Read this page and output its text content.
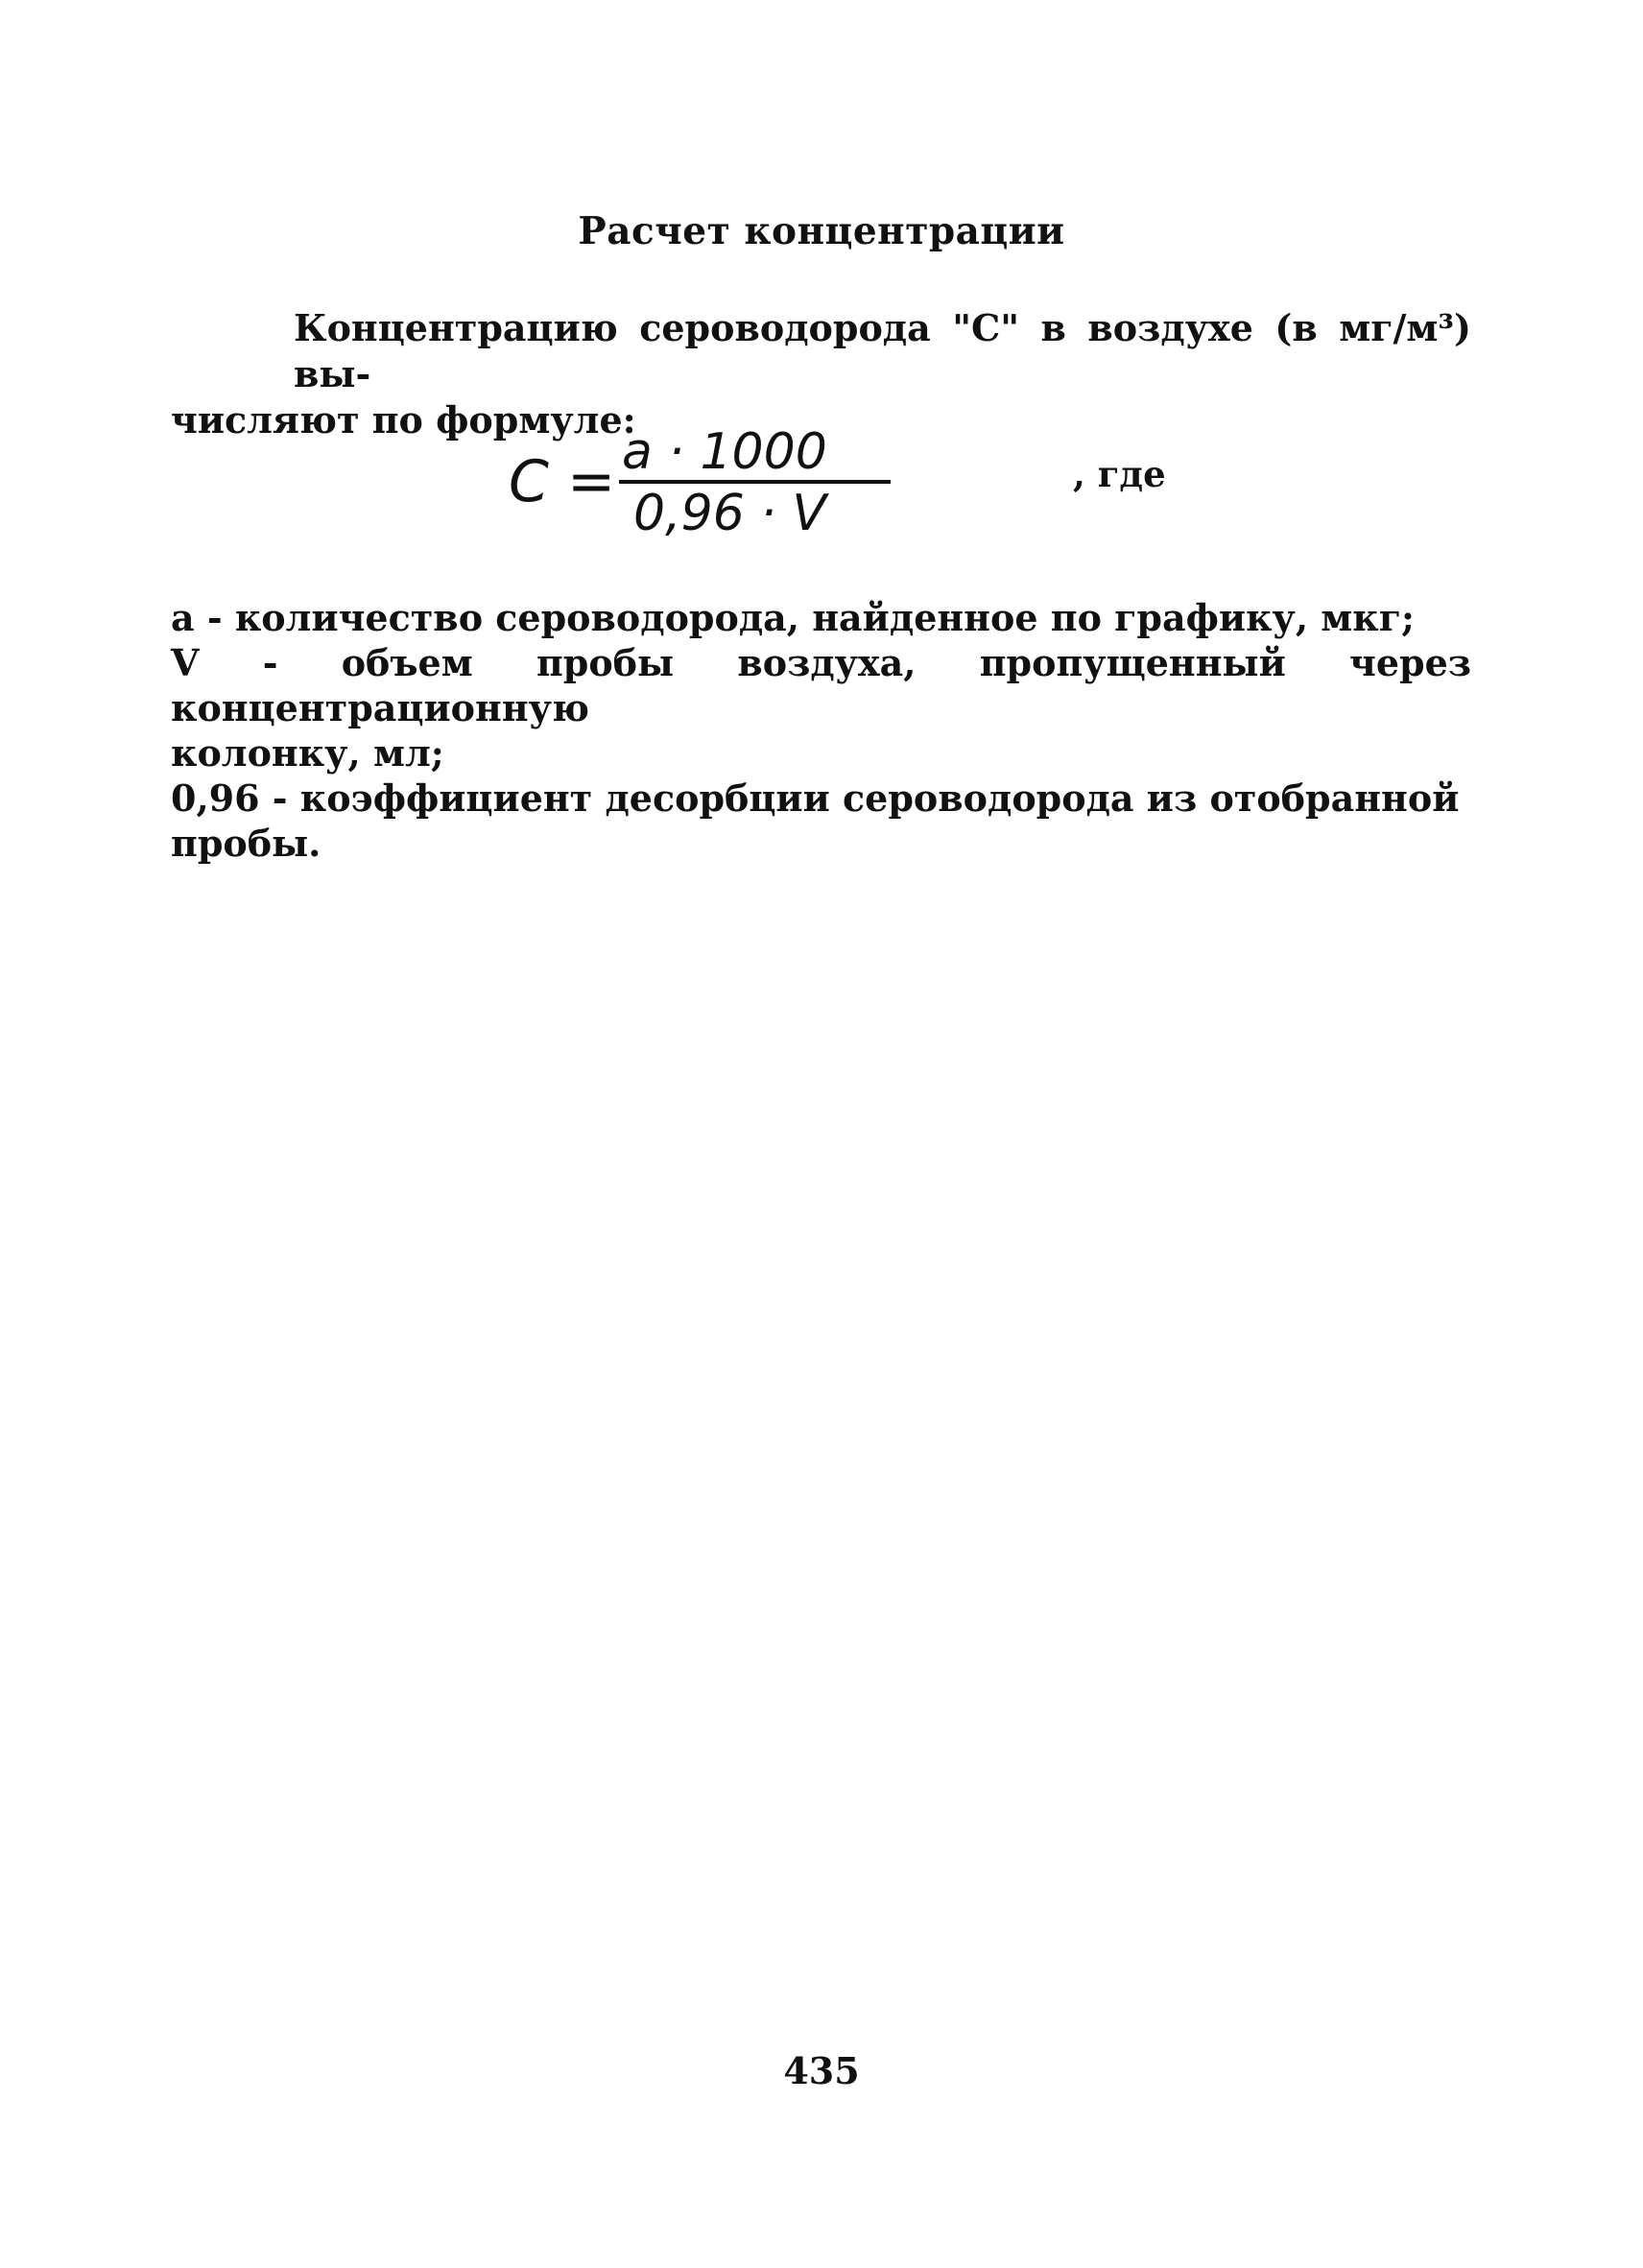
Расчет концентрации
Концентрацию сероводорода "С" в воздухе (в мг/м³) вы-
числяют по формуле:
C = a · 1000
0,96 · V
, где
а - количество сероводорода, найденное по графику, мкг;
V - объем пробы воздуха, пропущенный через концентрационную
колонку, мл;
0,96 - коэффициент десорбции сероводорода из отобранной пробы.
435
